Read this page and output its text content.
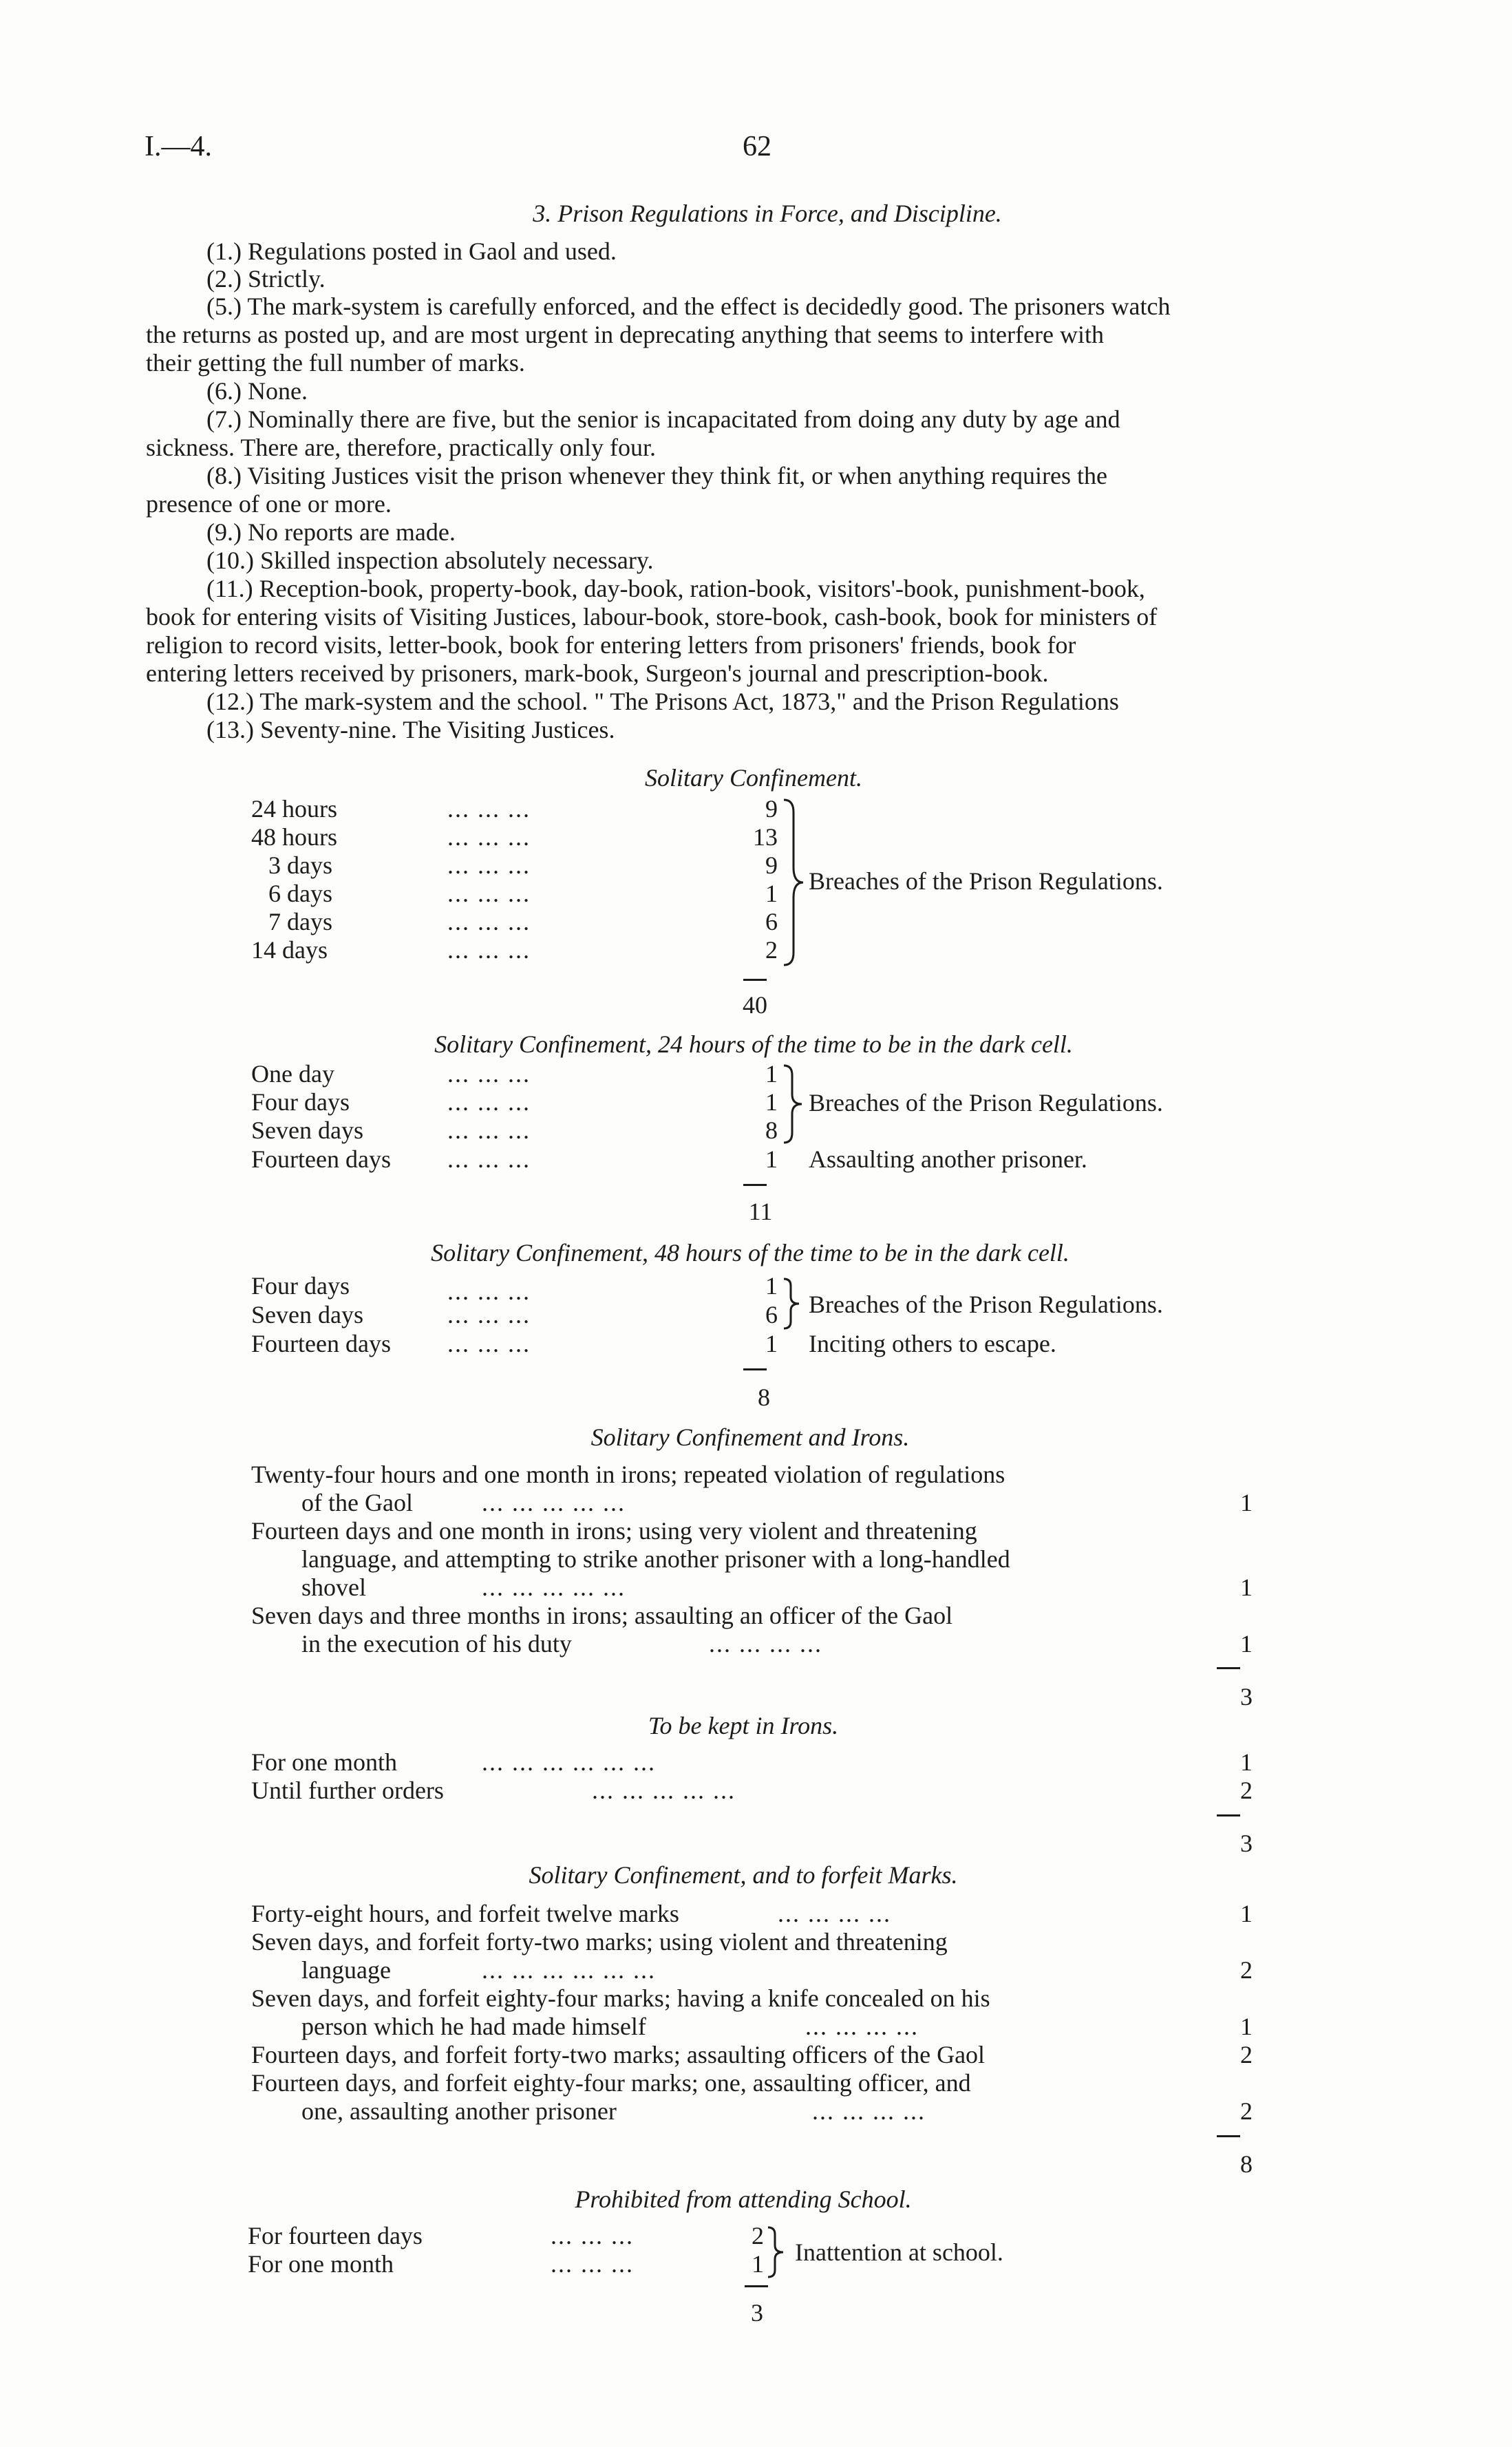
I.—4.	62
3. Prison Regulations in Force, and Discipline.
(1.) Regulations posted in Gaol and used.
(2.) Strictly.
(5.) The mark-system is carefully enforced, and the effect is decidedly good. The prisoners watch
the returns as posted up, and are most urgent in deprecating anything that seems to interfere with
their getting the full number of marks.
(6.) None.
(7.) Nominally there are five, but the senior is incapacitated from doing any duty by age and
sickness. There are, therefore, practically only four.
(8.) Visiting Justices visit the prison whenever they think fit, or when anything requires the
presence of one or more.
(9.) No reports are made.
(10.) Skilled inspection absolutely necessary.
(11.) Reception-book, property-book, day-book, ration-book, visitors'-book, punishment-book,
book for entering visits of Visiting Justices, labour-book, store-book, cash-book, book for ministers of
religion to record visits, letter-book, book for entering letters from prisoners' friends, book for
entering letters received by prisoners, mark-book, Surgeon's journal and prescription-book.
(12.) The mark-system and the school. " The Prisons Act, 1873," and the Prison Regulations
(13.) Seventy-nine. The Visiting Justices.
Solitary Confinement.
24 hours	... ... ...	9
48 hours	... ... ...	13
3 days	... ... ...	9
6 days	... ... ...	1
7 days	... ... ...	6
14 days	... ... ...	2
Breaches of the Prison Regulations.
40
Solitary Confinement, 24 hours of the time to be in the dark cell.
One day	... ... ...	1
Four days	... ... ...	1
Seven days	... ... ...	8
Breaches of the Prison Regulations.
Fourteen days ... ... ...	1 Assaulting another prisoner.
11
Solitary Confinement, 48 hours of the time to be in the dark cell.
Four days	... ... ...	1
Seven days	... ... ...	6 Breaches of the Prison Regulations.
Fourteen days ... ... ...	1 Inciting others to escape.
8
Solitary Confinement and Irons.
Twenty-four hours and one month in irons; repeated violation of regulations
of the Gaol	... ... ... ... ...	1
Fourteen days and one month in irons; using very violent and threatening
language, and attempting to strike another prisoner with a long-handled
shovel	... ... ... ... ...	1
Seven days and three months in irons; assaulting an officer of the Gaol
in the execution of his duty	... ... ... ...	1
3
To be kept in Irons.
For one month	... ... ... ... ... ...	1
Until further orders	... ... ... ... ...	2
3
Solitary Confinement, and to forfeit Marks.
Forty-eight hours, and forfeit twelve marks	... ... ... ...	1
Seven days, and forfeit forty-two marks; using violent and threatening
language	... ... ... ... ... ...	2
Seven days, and forfeit eighty-four marks; having a knife concealed on his
person which he had made himself	... ... ... ...	1
Fourteen days, and forfeit forty-two marks; assaulting officers of the Gaol	2
Fourteen days, and forfeit eighty-four marks; one, assaulting officer, and
one, assaulting another prisoner	... ... ... ...	2
8
Prohibited from attending School.
For fourteen days	... ... ...	2
For one month	... ... ...	1 Inattention at school.
3
